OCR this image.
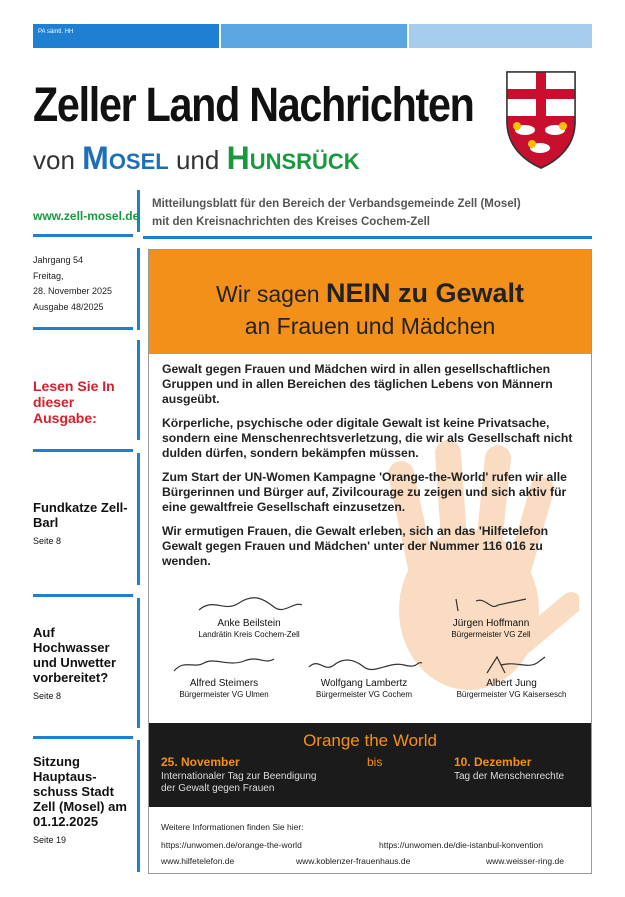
PA sämtl. HH
Zeller Land Nachrichten
von Mosel und Hunsrück
www.zell-mosel.de
Mitteilungsblatt für den Bereich der Verbandsgemeinde Zell (Mosel)
mit den Kreisnachrichten des Kreises Cochem-Zell
Jahrgang 54
Freitag,
28. November 2025
Ausgabe 48/2025
Lesen Sie In dieser Ausgabe:
Fundkatze Zell-Barl
Seite 8
Auf Hochwasser und Unwetter vorbereitet?
Seite 8
Sitzung Hauptaus-schuss Stadt Zell (Mosel) am 01.12.2025
Seite 19
Wir sagen NEIN zu Gewalt
an Frauen und Mädchen

Gewalt gegen Frauen und Mädchen wird in allen gesellschaftlichen Gruppen und in allen Bereichen des täglichen Lebens von Männern ausgeübt.

Körperliche, psychische oder digitale Gewalt ist keine Privatsache, sondern eine Menschenrechtsverletzung, die wir als Gesellschaft nicht dulden dürfen, sondern bekämpfen müssen.

Zum Start der UN-Women Kampagne 'Orange-the-World' rufen wir alle Bürgerinnen und Bürger auf, Zivilcourage zu zeigen und sich aktiv für eine gewaltfreie Gesellschaft einzusetzen.

Wir ermutigen Frauen, die Gewalt erleben, sich an das 'Hilfetelefon Gewalt gegen Frauen und Mädchen' unter der Nummer 116 016 zu wenden.

Anke Beilstein
Landrätin Kreis Cochem-Zell
Jürgen Hoffmann
Bürgermeister VG Zell
Alfred Steimers
Bürgermeister VG Ulmen
Wolfgang Lambertz
Bürgermeister VG Cochem
Albert Jung
Bürgermeister VG Kaisersesch
Orange the World
25. November	bis	10. Dezember
Internationaler Tag zur Beendigung
der Gewalt gegen Frauen
Tag der Menschenrechte
Weitere Informationen finden Sie hier:
https://unwomen.de/orange-the-world	https://unwomen.de/die-istanbul-konvention
www.hilfetelefon.de	www.koblenzer-frauenhaus.de	www.weisser-ring.de
